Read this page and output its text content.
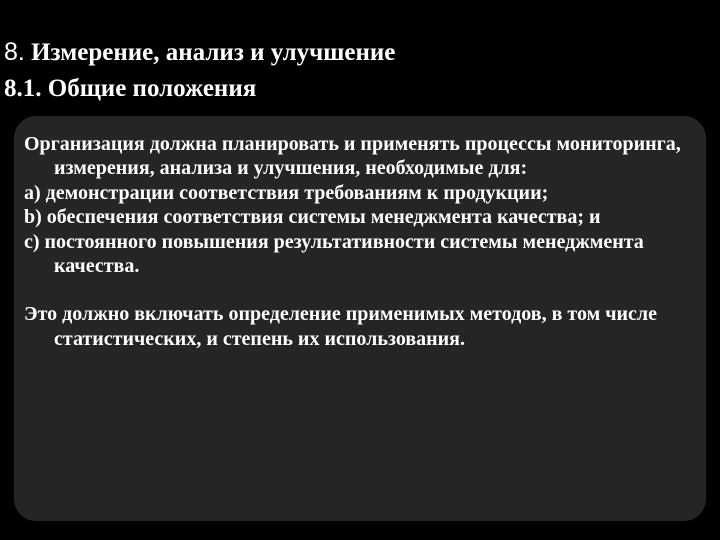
8. Измерение, анализ и улучшение
8.1. Общие положения

Организация должна планировать и применять процессы мониторинга, измерения, анализа и улучшения, необходимые для:

a) демонстрации соответствия требованиям к продукции;

b) обеспечения соответствия системы менеджмента качества; и

c) постоянного повышения результативности системы менеджмента качества.

Это должно включать определение применимых методов, в том числе статистических, и степень их использования.
